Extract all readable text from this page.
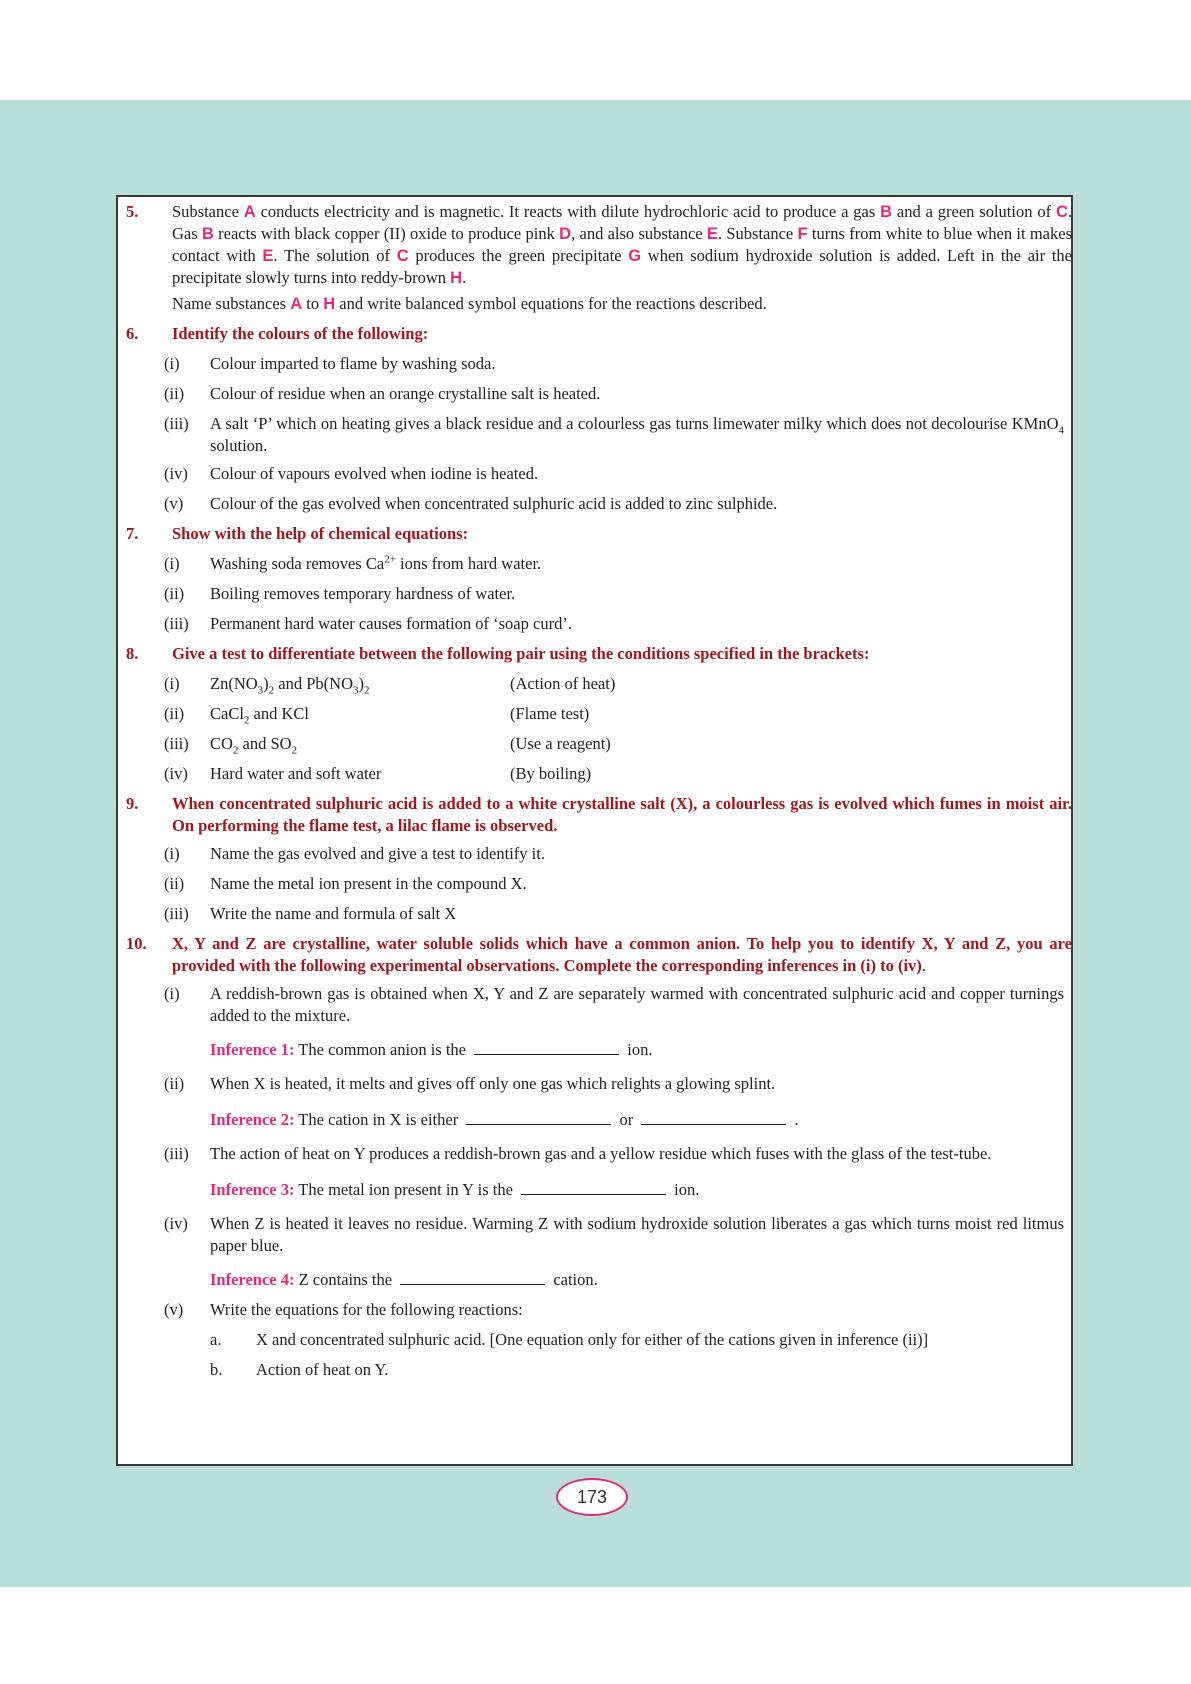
5.	Substance A conducts electricity and is magnetic. It reacts with dilute hydrochloric acid to produce a gas B and a green solution of C. Gas B reacts with black copper (II) oxide to produce pink D, and also substance E. Substance F turns from white to blue when it makes contact with E. The solution of C produces the green precipitate G when sodium hydroxide solution is added. Left in the air the precipitate slowly turns into reddy-brown H.
Name substances A to H and write balanced symbol equations for the reactions described.
6.	Identify the colours of the following:
(i)	Colour imparted to flame by washing soda.
(ii)	Colour of residue when an orange crystalline salt is heated.
(iii)	A salt ‘P’ which on heating gives a black residue and a colourless gas turns limewater milky which does not decolourise KMnO$_4$ solution.
(iv)	Colour of vapours evolved when iodine is heated.
(v)	Colour of the gas evolved when concentrated sulphuric acid is added to zinc sulphide.
7.	Show with the help of chemical equations:
(i)	Washing soda removes $Ca^{2+}$ ions from hard water.
(ii)	Boiling removes temporary hardness of water.
(iii)	Permanent hard water causes formation of ‘soap curd’.
8.	Give a test to differentiate between the following pair using the conditions specified in the brackets:
(i)	$Zn(NO_3)_2$ and $Pb(NO_3)_2$	(Action of heat)
(ii)	CaCl$_2$ and KCl	(Flame test)
(iii)	$CO_2$ and $SO_2$	(Use a reagent)
(iv)	Hard water and soft water	(By boiling)
9.	When concentrated sulphuric acid is added to a white crystalline salt (X), a colourless gas is evolved which fumes in moist air. On performing the flame test, a lilac flame is observed.
(i)	Name the gas evolved and give a test to identify it.
(ii)	Name the metal ion present in the compound X.
(iii)	Write the name and formula of salt X
10.	X, Y and Z are crystalline, water soluble solids which have a common anion. To help you to identify X, Y and Z, you are provided with the following experimental observations. Complete the corresponding inferences in (i) to (iv).
(i)	A reddish-brown gas is obtained when X, Y and Z are separately warmed with concentrated sulphuric acid and copper turnings added to the mixture.
Inference 1: The common anion is the	ion.
(ii)	When X is heated, it melts and gives off only one gas which relights a glowing splint.
Inference 2: The cation in X is either	or	.
(iii)	The action of heat on Y produces a reddish-brown gas and a yellow residue which fuses with the glass of the test-tube.
Inference 3: The metal ion present in Y is the	ion.
(iv)	When Z is heated it leaves no residue. Warming Z with sodium hydroxide solution liberates a gas which turns moist red litmus paper blue.
Inference 4: Z contains the	cation.
(v)	Write the equations for the following reactions:
a.	X and concentrated sulphuric acid. [One equation only for either of the cations given in inference (ii)]
b.	Action of heat on Y.
173
